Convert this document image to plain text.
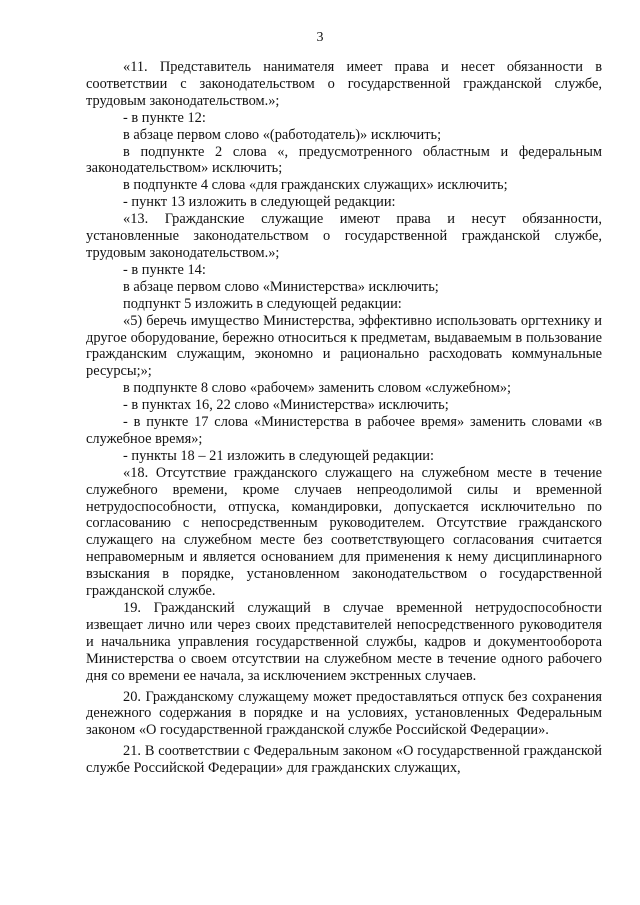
3

«11. Представитель нанимателя имеет права и несет обязанности в соответствии с законодательством о государственной гражданской службе, трудовым законодательством.»;

- в пункте 12:

в абзаце первом слово «(работодатель)» исключить;

в подпункте 2 слова «, предусмотренного областным и федеральным законодательством» исключить;

в подпункте 4 слова «для гражданских служащих» исключить;

- пункт 13 изложить в следующей редакции:

«13. Гражданские служащие имеют права и несут обязанности, установленные законодательством о государственной гражданской службе, трудовым законодательством.»;

- в пункте 14:

в абзаце первом слово «Министерства» исключить;

подпункт 5 изложить в следующей редакции:

«5) беречь имущество Министерства, эффективно использовать оргтехнику и другое оборудование, бережно относиться к предметам, выдаваемым в пользование гражданским служащим, экономно и рационально расходовать коммунальные ресурсы;»;

в подпункте 8 слово «рабочем» заменить словом «служебном»;

- в пунктах 16, 22 слово «Министерства» исключить;

- в пункте 17 слова «Министерства в рабочее время» заменить словами «в служебное время»;

- пункты 18 – 21 изложить в следующей редакции:

«18. Отсутствие гражданского служащего на служебном месте в течение служебного времени, кроме случаев непреодолимой силы и временной нетрудоспособности, отпуска, командировки, допускается исключительно по согласованию с непосредственным руководителем. Отсутствие гражданского служащего на служебном месте без соответствующего согласования считается неправомерным и является основанием для применения к нему дисциплинарного взыскания в порядке, установленном законодательством о государственной гражданской службе.

19. Гражданский служащий в случае временной нетрудоспособности извещает лично или через своих представителей непосредственного руководителя и начальника управления государственной службы, кадров и документооборота Министерства о своем отсутствии на служебном месте в течение одного рабочего дня со времени ее начала, за исключением экстренных случаев.

20. Гражданскому служащему может предоставляться отпуск без сохранения денежного содержания в порядке и на условиях, установленных Федеральным законом «О государственной гражданской службе Российской Федерации».

21. В соответствии с Федеральным законом «О государственной гражданской службе Российской Федерации» для гражданских служащих,
